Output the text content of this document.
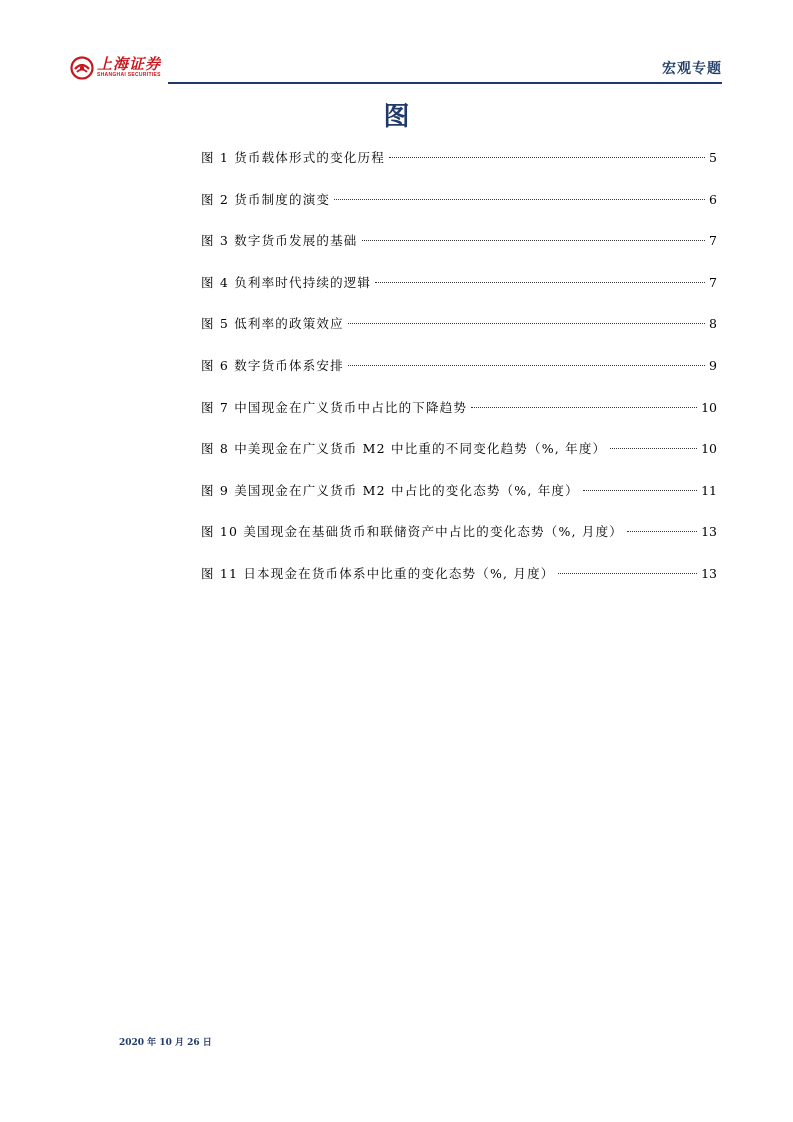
上海证券
SHANGHAI SECURITIES	宏观专题
图
图 1 货币载体形式的变化历程	5
图 2 货币制度的演变	6
图 3 数字货币发展的基础	7
图 4 负利率时代持续的逻辑	7
图 5 低利率的政策效应	8
图 6 数字货币体系安排	9
图 7 中国现金在广义货币中占比的下降趋势	10
图 8 中美现金在广义货币 M2 中比重的不同变化趋势（%, 年度）	10
图 9 美国现金在广义货币 M2 中占比的变化态势（%, 年度）	11
图 10 美国现金在基础货币和联储资产中占比的变化态势（%, 月度）	13
图 11 日本现金在货币体系中比重的变化态势（%, 月度）	13
2020 年 10 月 26 日
